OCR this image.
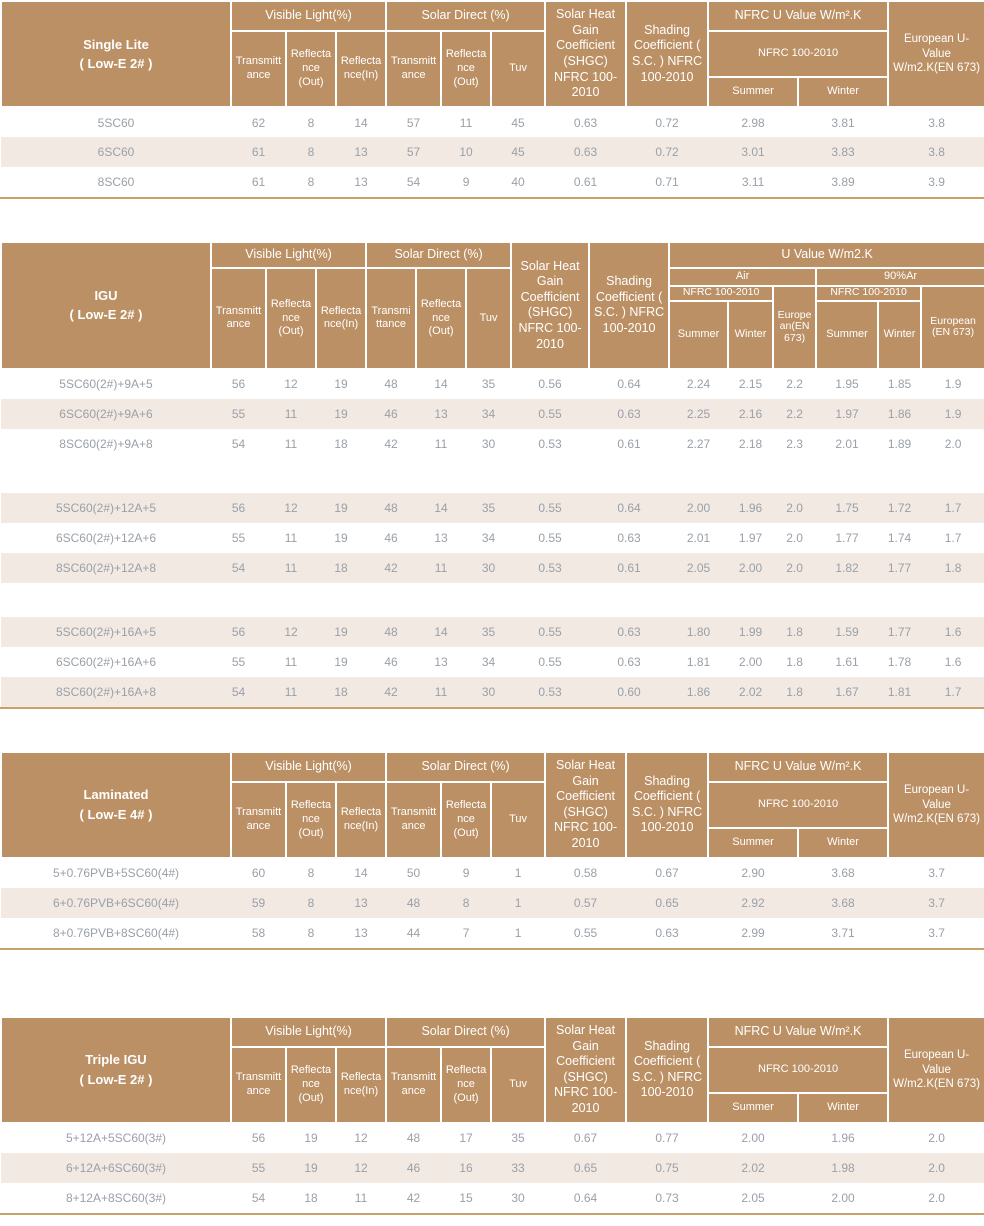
Single Lite
( Low-E 2# )	Visible Light(%)			Solar Direct (%)			Solar Heat Gain Coefficient (SHGC) NFRC 100-2010	Shading Coefficient ( S.C. ) NFRC 100-2010	NFRC U Value W/m².K		European U-Value W/m2.K(EN 673)
	Transmittance	Reflectance (Out)	Reflectance(In)	Transmittance	Reflectance (Out)	Tuv			NFRC 100-2010		
									Summer	Winter	
5SC60	62	8	14	57	11	45	0.63	0.72	2.98	3.81	3.8
6SC60	61	8	13	57	10	45	0.63	0.72	3.01	3.83	3.8
8SC60	61	8	13	54	9	40	0.61	0.71	3.11	3.89	3.9
IGU
( Low-E 2# )	Visible Light(%)			Solar Direct (%)			Solar Heat Gain Coefficient (SHGC) NFRC 100-2010	Shading Coefficient ( S.C. ) NFRC 100-2010	U Value W/m2.K					
	Transmittance	Reflectance (Out)	Reflectance(In)	Transmittance	Reflectance (Out)	Tuv			Air			90%Ar		
									NFRC 100-2010		European(EN 673)	NFRC 100-2010		European (EN 673)
									Summer	Winter		Summer	Winter	
5SC60(2#)+9A+5	56	12	19	48	14	35	0.56	0.64	2.24	2.15	2.2	1.95	1.85	1.9
6SC60(2#)+9A+6	55	11	19	46	13	34	0.55	0.63	2.25	2.16	2.2	1.97	1.86	1.9
8SC60(2#)+9A+8	54	11	18	42	11	30	0.53	0.61	2.27	2.18	2.3	2.01	1.89	2.0

5SC60(2#)+12A+5	56	12	19	48	14	35	0.55	0.64	2.00	1.96	2.0	1.75	1.72	1.7
6SC60(2#)+12A+6	55	11	19	46	13	34	0.55	0.63	2.01	1.97	2.0	1.77	1.74	1.7
8SC60(2#)+12A+8	54	11	18	42	11	30	0.53	0.61	2.05	2.00	2.0	1.82	1.77	1.8

5SC60(2#)+16A+5	56	12	19	48	14	35	0.55	0.63	1.80	1.99	1.8	1.59	1.77	1.6
6SC60(2#)+16A+6	55	11	19	46	13	34	0.55	0.63	1.81	2.00	1.8	1.61	1.78	1.6
8SC60(2#)+16A+8	54	11	18	42	11	30	0.53	0.60	1.86	2.02	1.8	1.67	1.81	1.7
Laminated
( Low-E 4# )	Visible Light(%)			Solar Direct (%)			Solar Heat Gain Coefficient (SHGC) NFRC 100-2010	Shading Coefficient ( S.C. ) NFRC 100-2010	NFRC U Value W/m².K		European U-Value W/m2.K(EN 673)
	Transmittance	Reflectance (Out)	Reflectance(In)	Transmittance	Reflectance (Out)	Tuv			NFRC 100-2010		
									Summer	Winter	
5+0.76PVB+5SC60(4#)	60	8	14	50	9	1	0.58	0.67	2.90	3.68	3.7
6+0.76PVB+6SC60(4#)	59	8	13	48	8	1	0.57	0.65	2.92	3.68	3.7
8+0.76PVB+8SC60(4#)	58	8	13	44	7	1	0.55	0.63	2.99	3.71	3.7
Triple IGU
( Low-E 2# )	Visible Light(%)			Solar Direct (%)			Solar Heat Gain Coefficient (SHGC) NFRC 100-2010	Shading Coefficient ( S.C. ) NFRC 100-2010	NFRC U Value W/m².K		European U-Value W/m2.K(EN 673)
	Transmittance	Reflectance (Out)	Reflectance(In)	Transmittance	Reflectance (Out)	Tuv			NFRC 100-2010		
									Summer	Winter	
5+12A+5SC60(3#)	56	19	12	48	17	35	0.67	0.77	2.00	1.96	2.0
6+12A+6SC60(3#)	55	19	12	46	16	33	0.65	0.75	2.02	1.98	2.0
8+12A+8SC60(3#)	54	18	11	42	15	30	0.64	0.73	2.05	2.00	2.0
